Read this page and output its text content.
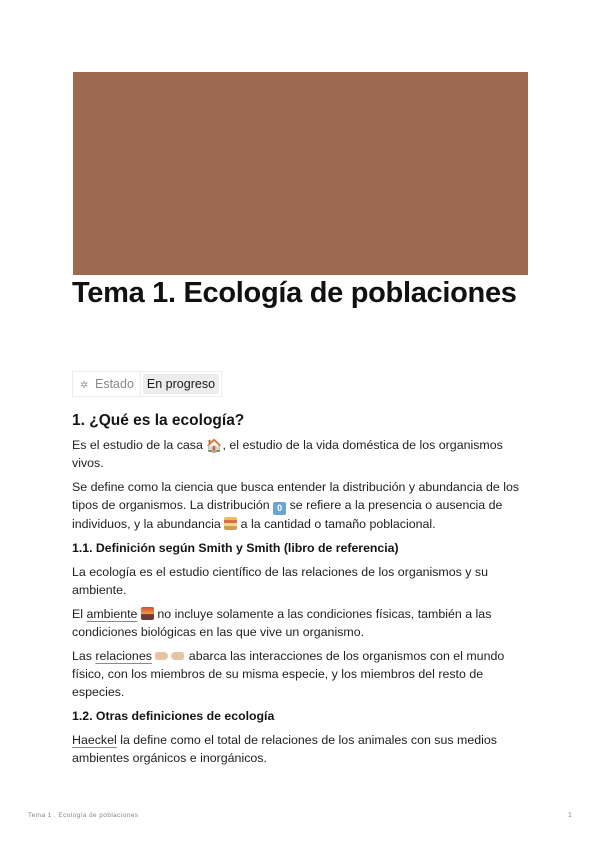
Tema 1. Ecología de poblaciones
✲ Estado	En progreso
1. ¿Qué es la ecología?

Es el estudio de la casa 🏠, el estudio de la vida doméstica de los organismos vivos.

Se define como la ciencia que busca entender la distribución y abundancia de los tipos de organismos. La distribución 0 se refiere a la presencia o ausencia de individuos, y la abundancia  a la cantidad o tamaño poblacional.

1.1. Definición según Smith y Smith (libro de referencia)

La ecología es el estudio científico de las relaciones de los organismos y su ambiente.

El ambiente  no incluye solamente a las condiciones físicas, también a las condiciones biológicas en las que vive un organismo.

Las relaciones	abarca las interacciones de los organismos con el mundo físico, con los miembros de su misma especie, y los miembros del resto de especies.

1.2. Otras definiciones de ecología

Haeckel la define como el total de relaciones de los animales con sus medios ambientes orgánicos e inorgánicos.

Tema 1 . Ecología de poblaciones	1
